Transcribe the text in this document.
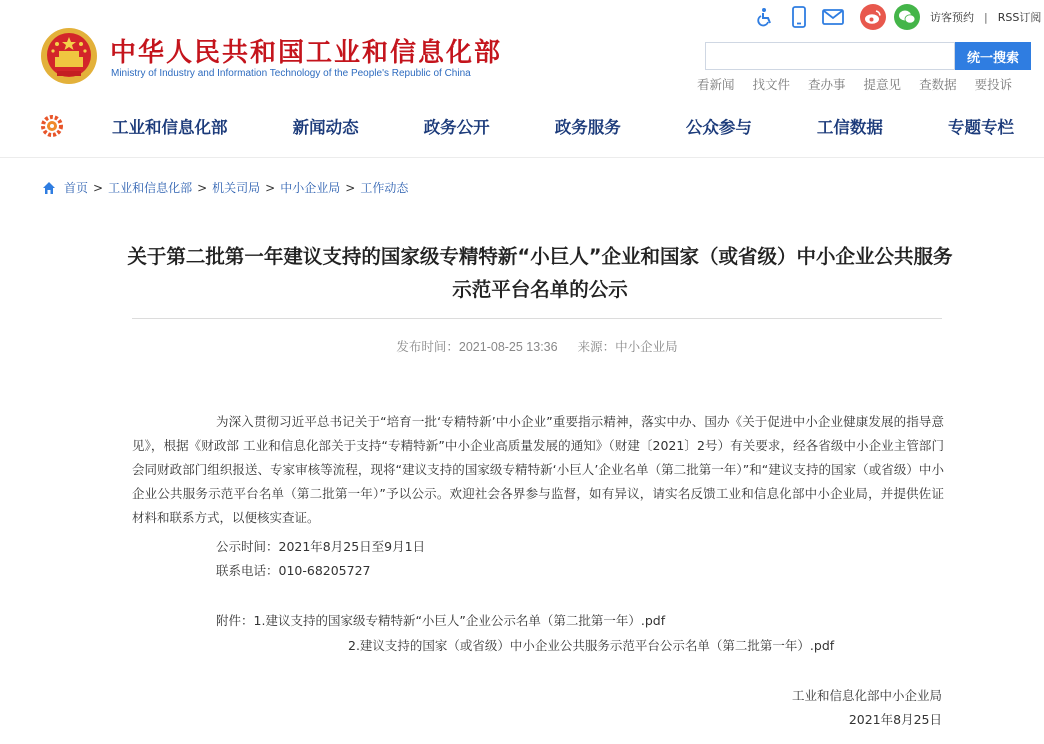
中华人民共和国工业和信息化部
Ministry of Industry and Information Technology of the People's Republic of China
访客预约 | RSS订阅
统一搜索
看新闻 找文件 查办事 提意见 查数据 要投诉
工业和信息化部	新闻动态	政务公开	政务服务	公众参与	工信数据	专题专栏
首页 > 工业和信息化部 > 机关司局 > 中小企业局 > 工作动态
关于第二批第一年建议支持的国家级专精特新“小巨人”企业和国家（或省级）中小企业公共服务示范平台名单的公示
发布时间：2021-08-25 13:36 来源：中小企业局
为深入贯彻习近平总书记关于“培育一批‘专精特新’中小企业”重要指示精神，落实中办、国办《关于促进中小企业健康发展的指导意见》，根据《财政部 工业和信息化部关于支持“专精特新”中小企业高质量发展的通知》（财建〔2021〕2号）有关要求，经各省级中小企业主管部门会同财政部门组织报送、专家审核等流程，现将“建议支持的国家级专精特新‘小巨人’企业名单（第二批第一年）”和“建议支持的国家（或省级）中小企业公共服务示范平台名单（第二批第一年）”予以公示。欢迎社会各界参与监督，如有异议，请实名反馈工业和信息化部中小企业局，并提供佐证材料和联系方式，以便核实查证。
公示时间：2021年8月25日至9月1日
联系电话：010-68205727
附件：1.建议支持的国家级专精特新“小巨人”企业公示名单（第二批第一年）.pdf
2.建议支持的国家（或省级）中小企业公共服务示范平台公示名单（第二批第一年）.pdf
工业和信息化部中小企业局
2021年8月25日
